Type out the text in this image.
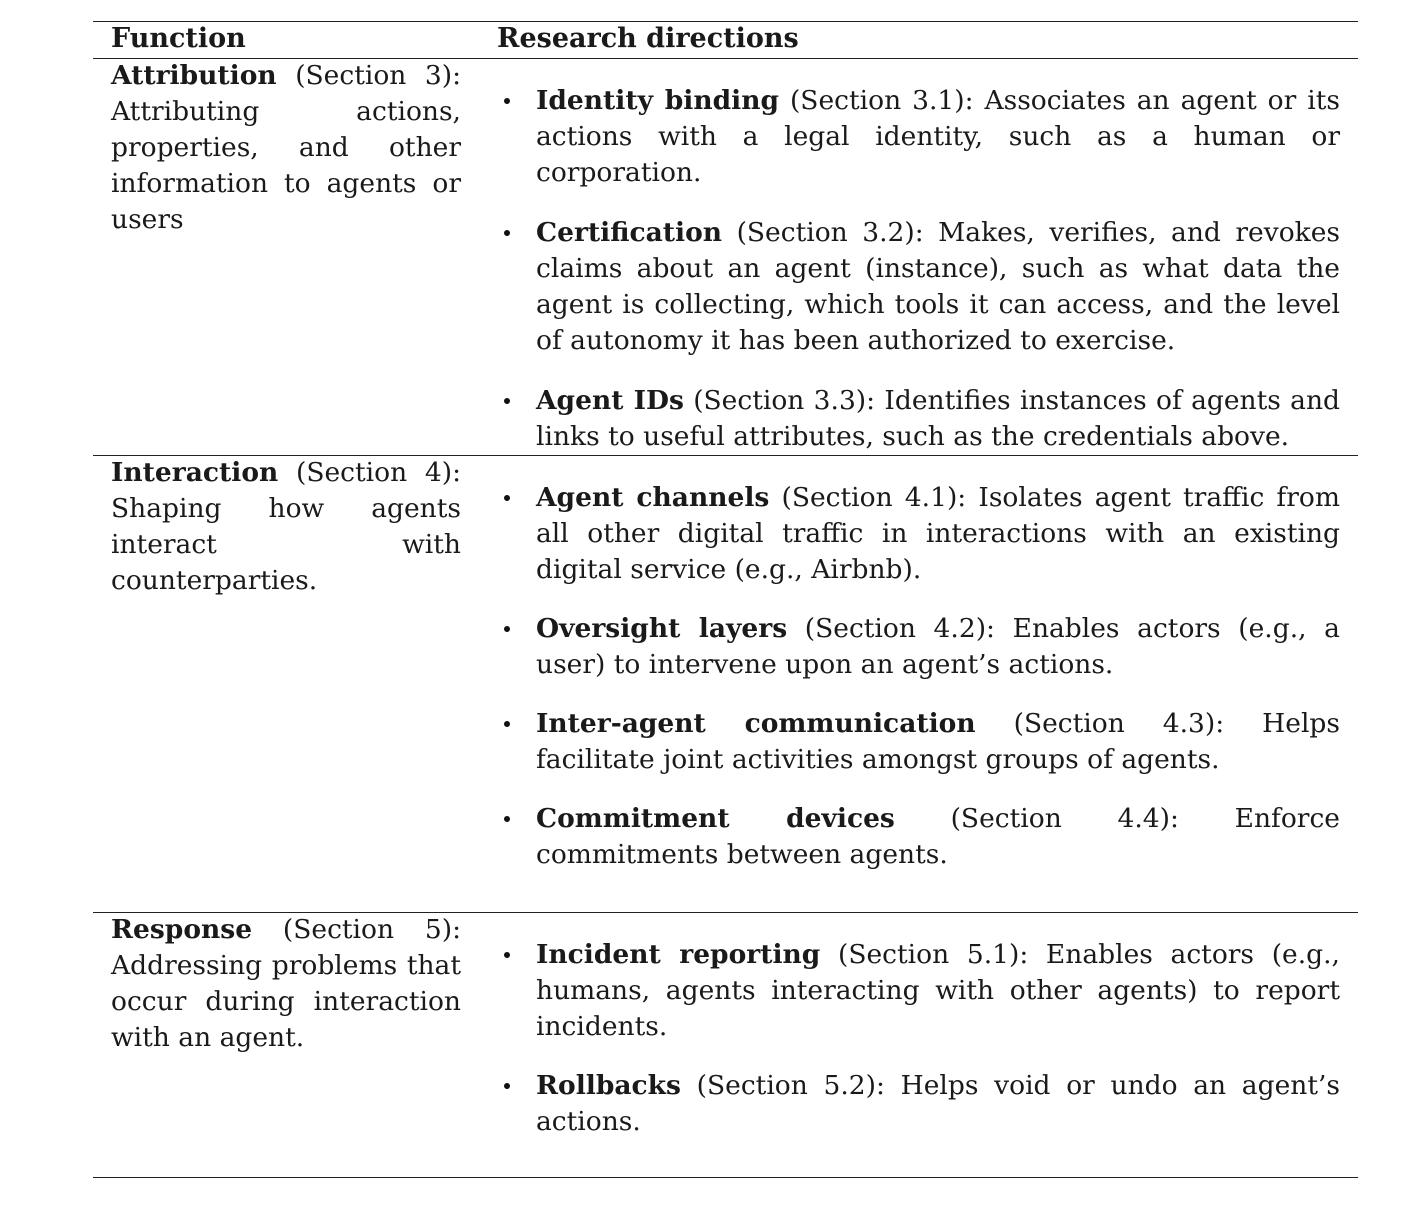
Function	Research directions
Attribution (Section 3): Attributing actions, properties, and other information to agents or users
Identity binding (Section 3.1): Associates an agent or its actions with a legal identity, such as a human or corporation.
Certification (Section 3.2): Makes, verifies, and revokes claims about an agent (instance), such as what data the agent is collecting, which tools it can access, and the level of autonomy it has been authorized to exercise.
Agent IDs (Section 3.3): Identifies instances of agents and links to useful attributes, such as the credentials above.
Interaction (Section 4): Shaping how agents interact with counterparties.
Agent channels (Section 4.1): Isolates agent traffic from all other digital traffic in interactions with an existing digital service (e.g., Airbnb).
Oversight layers (Section 4.2): Enables actors (e.g., a user) to intervene upon an agent’s actions.
Inter-agent communication (Section 4.3): Helps facilitate joint activities amongst groups of agents.
Commitment devices (Section 4.4): Enforce commitments between agents.
Response (Section 5): Addressing problems that occur during interaction with an agent.
Incident reporting (Section 5.1): Enables actors (e.g., humans, agents interacting with other agents) to report incidents.
Rollbacks (Section 5.2): Helps void or undo an agent’s actions.
